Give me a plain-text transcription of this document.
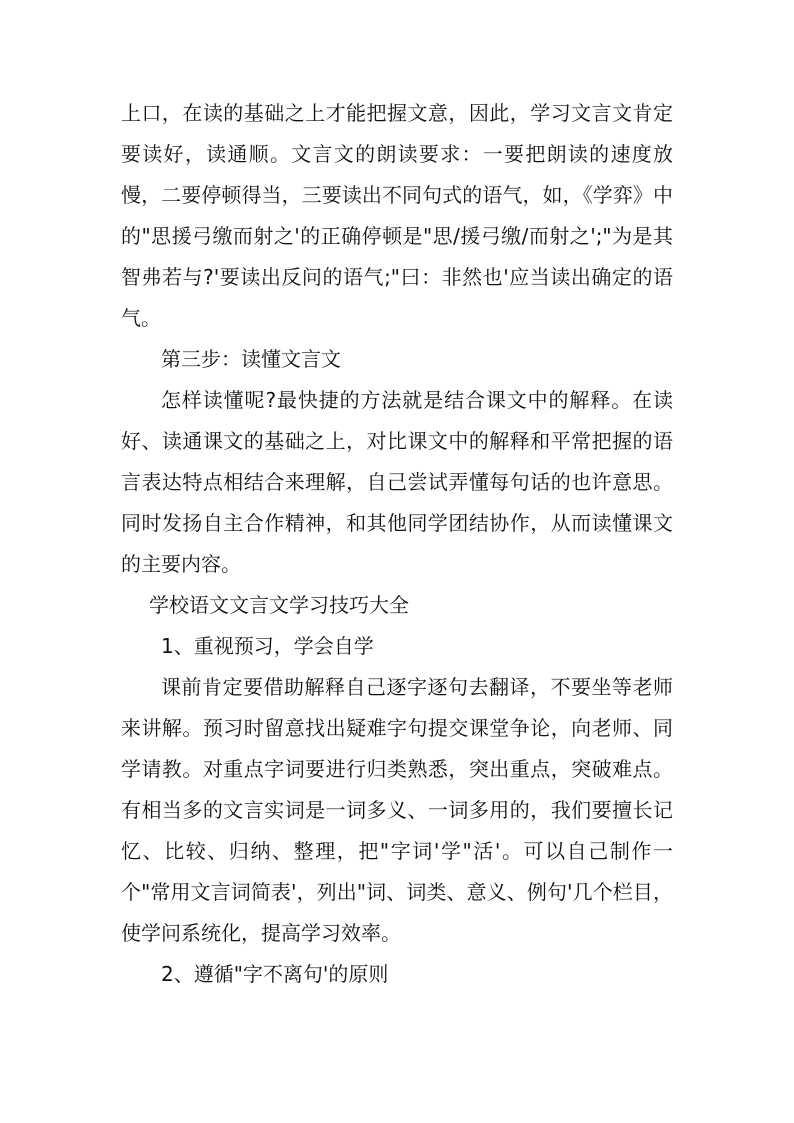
上口，在读的基础之上才能把握文意，因此，学习文言文肯定要读好，读通顺。文言文的朗读要求：一要把朗读的速度放慢，二要停顿得当，三要读出不同句式的语气，如，《学弈》中的"思援弓缴而射之'的正确停顿是"思/援弓缴/而射之';"为是其智弗若与?'要读出反问的语气;"曰：非然也'应当读出确定的语气。

第三步：读懂文言文

怎样读懂呢?最快捷的方法就是结合课文中的解释。在读好、读通课文的基础之上，对比课文中的解释和平常把握的语言表达特点相结合来理解，自己尝试弄懂每句话的也许意思。同时发扬自主合作精神，和其他同学团结协作，从而读懂课文的主要内容。

学校语文文言文学习技巧大全

1、重视预习，学会自学

课前肯定要借助解释自己逐字逐句去翻译，不要坐等老师来讲解。预习时留意找出疑难字句提交课堂争论，向老师、同学请教。对重点字词要进行归类熟悉，突出重点，突破难点。有相当多的文言实词是一词多义、一词多用的，我们要擅长记忆、比较、归纳、整理，把"字词'学"活'。可以自己制作一个"常用文言词简表'，列出"词、词类、意义、例句'几个栏目，使学问系统化，提高学习效率。

2、遵循"字不离句'的原则
